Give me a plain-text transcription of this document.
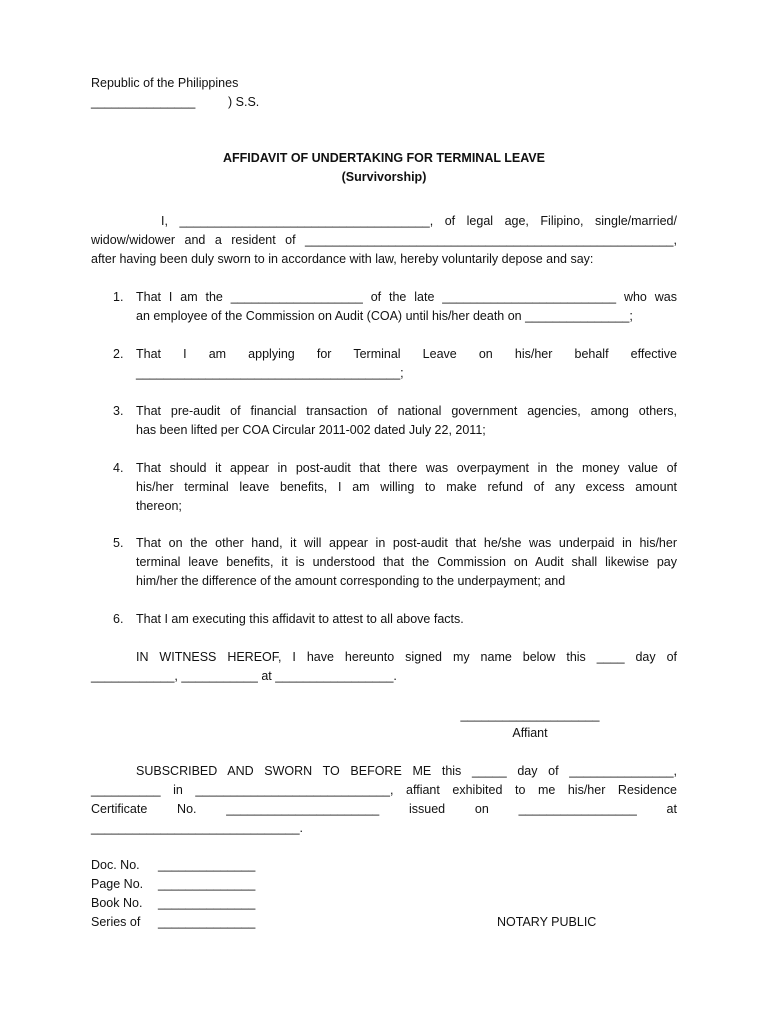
Republic of the Philippines
_______________	) S.S.
AFFIDAVIT OF UNDERTAKING FOR TERMINAL LEAVE
(Survivorship)
I, ____________________________________, of legal age, Filipino, single/married/
widow/widower and a resident of _____________________________________________________,
after having been duly sworn to in accordance with law, hereby voluntarily depose and say:
1. That I am the ___________________ of the late _________________________ who was
an employee of the Commission on Audit (COA) until his/her death on _______________;
2. That I am applying for Terminal Leave on his/her behalf effective
______________________________________;
3. That pre-audit of financial transaction of national government agencies, among others,
has been lifted per COA Circular 2011-002 dated July 22, 2011;
4. That should it appear in post-audit that there was overpayment in the money value of
his/her terminal leave benefits, I am willing to make refund of any excess amount
thereon;
5. That on the other hand, it will appear in post-audit that he/she was underpaid in his/her
terminal leave benefits, it is understood that the Commission on Audit shall likewise pay
him/her the difference of the amount corresponding to the underpayment; and
6. That I am executing this affidavit to attest to all above facts.
IN WITNESS HEREOF, I have hereunto signed my name below this ____ day of
____________, ___________ at _________________.
____________________
Affiant
SUBSCRIBED AND SWORN TO BEFORE ME this _____ day of _______________,
__________ in ____________________________, affiant exhibited to me his/her Residence
Certificate No. ______________________ issued on _________________ at
______________________________.
Doc. No. ______________
Page No. ______________
Book No. ______________
Series of ______________	NOTARY PUBLIC
